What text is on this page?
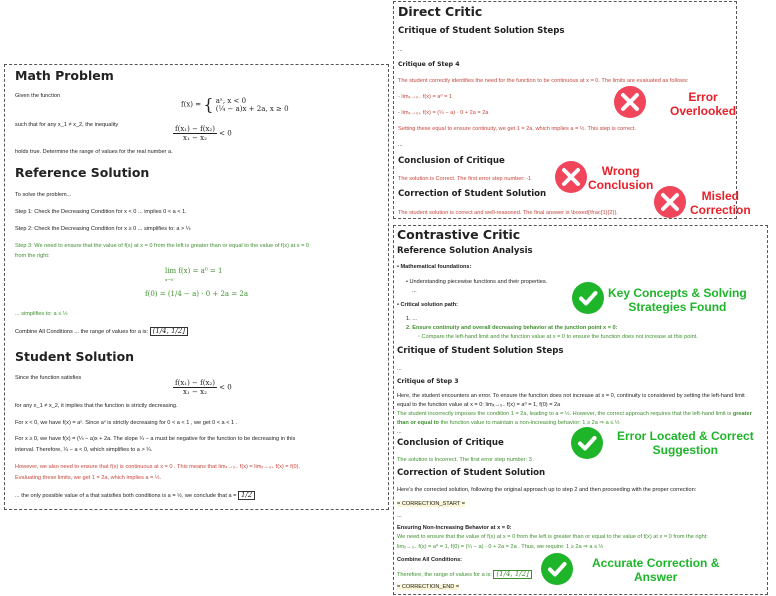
Math Problem
Given the function
f(x) = { aˣ, x < 0
(¼ − a)x + 2a, x ≥ 0
such that for any x_1 ≠ x_2, the inequality	$\frac{\text{f(x₁) − f(x₂)}}{\text{x₁ − x₂}} < 0$
holds true. Determine the range of values for the real number a.
Reference Solution
To solve the problem...
Step 1: Check the Decreasing Condition for x < 0 ... implies 0 < a < 1.
Step 2: Check the Decreasing Condition for x ≥ 0 ... simplifies to: a > ¼
Step 3: We need to ensure that the value of f(x) at x = 0 from the left is greater than or equal to the value of f(x) at x = 0
from the right:
lim f(x) = a⁰ = 1
x→0⁻
f(0) = (1/4 − a) · 0 + 2a = 2a
... simplifies to: a ≤ ½
Combine All Conditions ... the range of values for a is: (1/4, 1/2]
Student Solution
Since the function satisfies
$\frac{\text{f(x₁) − f(x₂)}}{\text{x₁ − x₂}} < 0$
for any x_1 ≠ x_2, it implies that the function is strictly decreasing.
For x < 0, we have f(x) = aˣ. Since aˣ is strictly decreasing for 0 < a < 1 , we get 0 < a < 1 .
For x ≥ 0, we have f(x) = (¼ − a)x + 2a. The slope ¼ − a must be negative for the function to be decreasing in this
interval. Therefore, ¼ − a < 0, which simplifies to a > ¼.
However, we also need to ensure that f(x) is continuous at x = 0 . This means that limₓ→₀₋ f(x) = limₓ→₀₊ f(x) = f(0).
Evaluating these limits, we get 1 = 2a, which implies a = ½.
... the only possible value of a that satisfies both conditions is a = ½, we conclude that a = 1/2
Direct Critic
Critique of Student Solution Steps
...
Critique of Step 4
The student correctly identifies the need for the function to be continuous at x = 0. The limits are evaluated as follows:
- limₓ→₀₋ f(x) = a⁰ = 1
- limₓ→₀₊ f(x) = (¼ − a) · 0 + 2a = 2a
Setting these equal to ensure continuity, we get 1 = 2a, which implies a = ½. This step is correct.
...
Conclusion of Critique
The solution is Correct. The first error step number: -1
Correction of Student Solution
The student solution is correct and well-reasoned. The final answer is \boxed{\frac{1}{2}}.
Contrastive Critic
Reference Solution Analysis
• Mathematical foundations:
• Understanding piecewise functions and their properties.
...
• Critical solution path:
1. ...
2. Ensure continuity and overall decreasing behavior at the junction point x = 0:
◦ Compare the left-hand limit and the function value at x = 0 to ensure the function does not increase at this point.
Critique of Student Solution Steps
...
Critique of Step 3
Here, the student encounters an error. To ensure the function does not increase at x = 0, continuity is considered by setting the left-hand limit
equal to the function value at x = 0: limₓ→₀₋ f(x) = a⁰ = 1, f(0) = 2a
The student incorrectly imposes the condition 1 = 2a, leading to a = ½. However, the correct approach requires that the left-hand limit is greater
than or equal to the function value to maintain a non-increasing behavior: 1 ≥ 2a ⇒ a ≤ ½
...
Conclusion of Critique
The solution is Incorrect. The first error step number: 3
Correction of Student Solution
Here's the corrected solution, following the original approach up to step 2 and then proceeding with the proper correction:
= CORRECTION_START =
...
Ensuring Non-Increasing Behavior at x = 0:
We need to ensure that the value of f(x) at x = 0 from the left is greater than or equal to the value of f(x) at x = 0 from the right:
limₓ→₀₋ f(x) = a⁰ = 1, f(0) = (¼ − a) · 0 + 2a = 2a . Thus, we require: 1 ≥ 2a ⇒ a ≤ ½
Combine All Conditions:
Therefore, the range of values for a is: (1/4, 1/2]
= CORRECTION_END =
Error
Overlooked
Wrong
Conclusion
Misled
Correction
Key Concepts & Solving
Strategies Found
Error Located & Correct
Suggestion
Accurate Correction &
Answer
